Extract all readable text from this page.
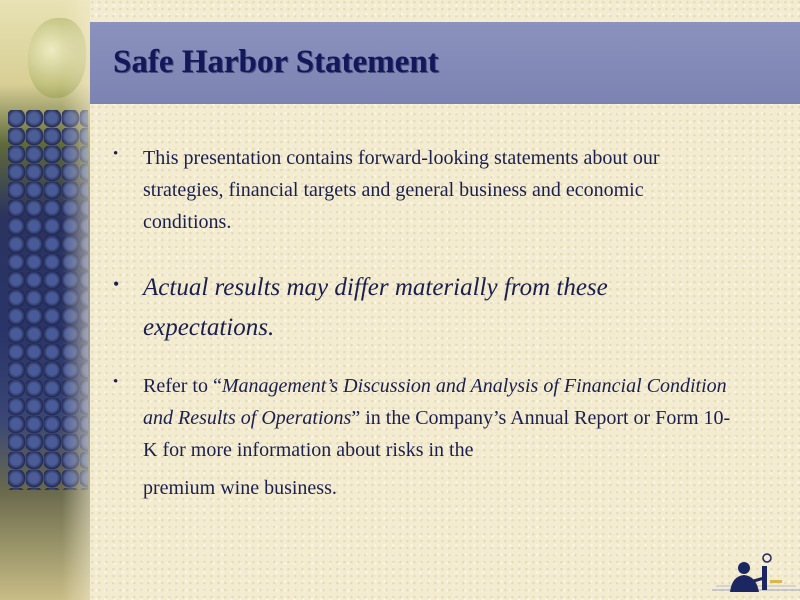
Safe Harbor Statement
• This presentation contains forward-looking statements about our strategies, financial targets and general business and economic conditions.
• Actual results may differ materially from these expectations.
• Refer to “Management’s Discussion and Analysis of Financial Condition and Results of Operations” in the Company’s Annual Report or Form 10-K for more information about risks in the
premium wine business.
